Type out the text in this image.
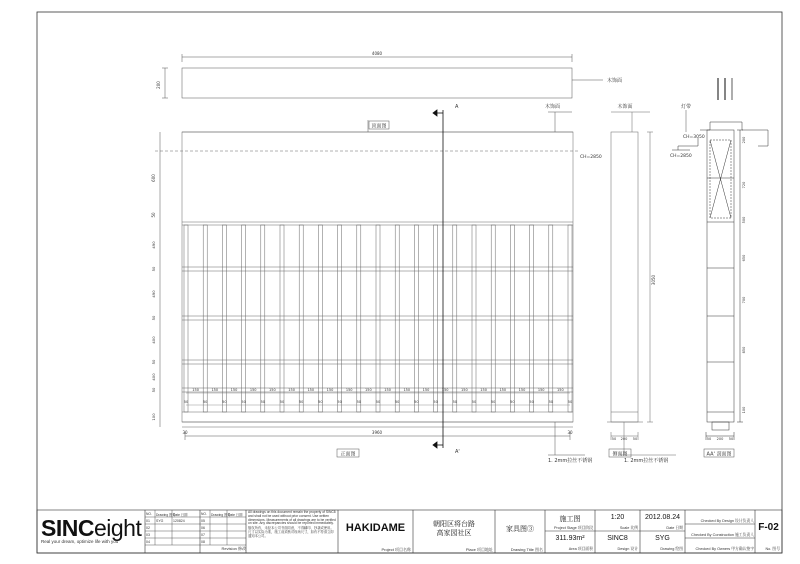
4080
200
木饰面
490
50
490
50
400
50
400
50
100
150	150	150	150	150	150	150	150	150	150	150	150	150	150	150	150	150	150	150	150
50	50	50	50	50	50	50	50	50	50	50	50	50	50	50	50	50	50	50	50	50
600
50
3960
30	30
顶面图
木饰面
CH=2850
A
A'
正面图
1. 2mm拉丝不锈钢
木饰面
3050
50 200 50
侧面图
1. 2mm拉丝不锈钢
灯带
CH=3050
CH=2850
200
720
500
650
700
850
100
50 200 50
AA' 剖面图
SINCeight
Real your dream, optimize life with you
NO.	Drawing 图号
Date 日期
01	SYG	120824
02
03
04
NO.	Drawing 图号
Date 日期
05
06
07
08
Revision 修改
All drawings on this document remain the property of SINC8 and shall not be used without prior consent. Use written dimensions. Measurements of all drawings are to be verified on site. Any discrepancies should be reported immediately.
版权所有，未经本公司书面同意，不得翻印、抄袭或使用。尺寸以实际为准，施工前须核对现场尺寸，如有不符请立即通知本公司。
HAKIDAME
Project 项目名称
朝阳区将台路
高家园社区
Place 项目地址
家具图③
Drawing Title 图名
施工图
Project Stage 项目阶段
311.93m²
Area 项目面积
1:20
Scale 比例
SINC8
Design 设计
2012.08.24
Date 日期
SYG
Drawing 绘图
Checked By Design 设计负责人
Checked By Construction 施工负责人
Checked By Owners 甲方确认签字
F-02
No. 图号
